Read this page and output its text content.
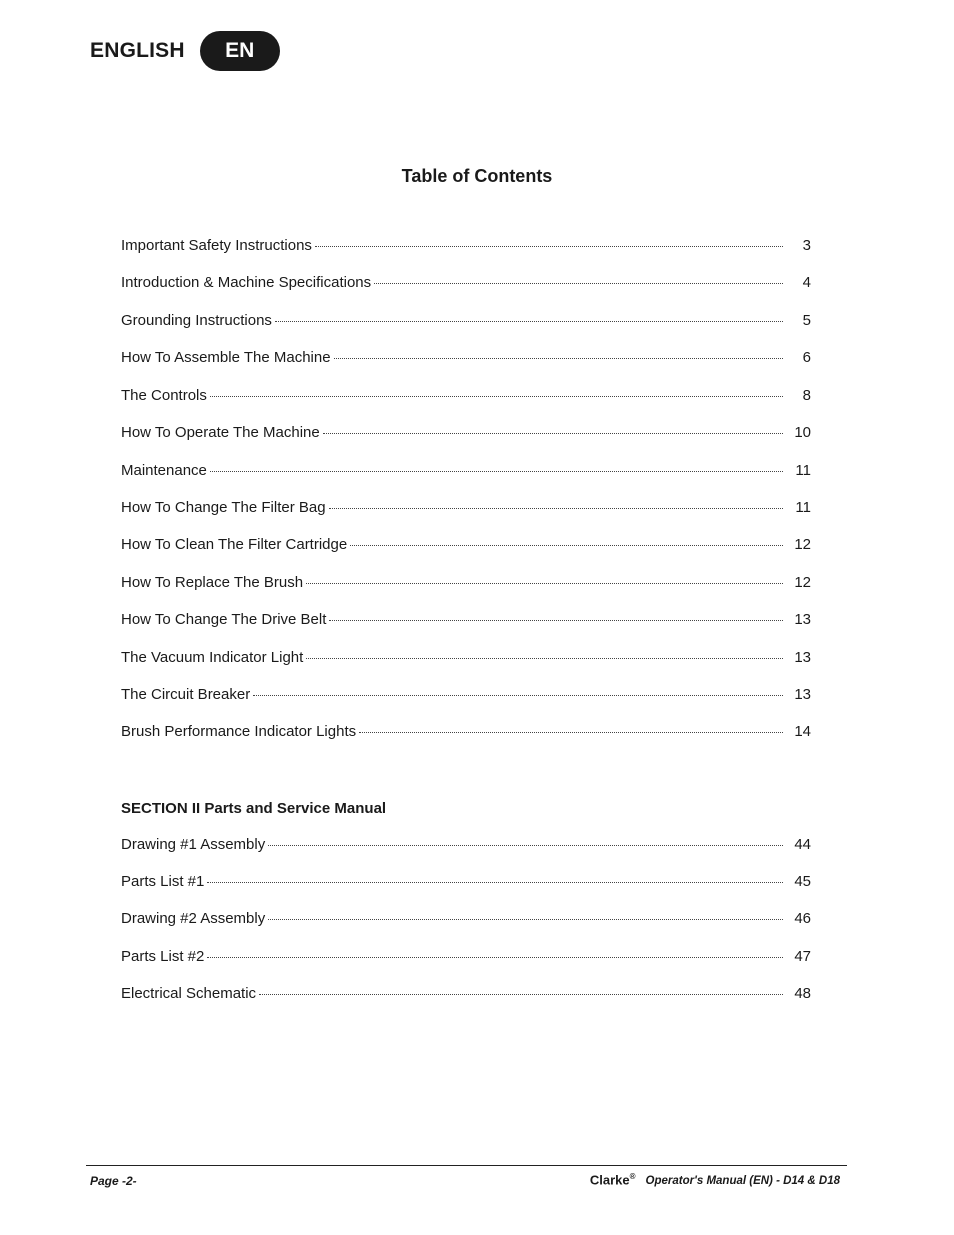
ENGLISH	EN
Table of Contents
Important Safety Instructions	3
Introduction & Machine Specifications	4
Grounding Instructions	5
How To Assemble The Machine	6
The Controls	8
How To Operate The Machine	10
Maintenance	11
How To Change The Filter Bag	11
How To Clean The Filter Cartridge	12
How To Replace The Brush	12
How To Change The Drive Belt	13
The Vacuum Indicator Light	13
The Circuit Breaker	13
Brush Performance Indicator Lights	14
Drawing #1 Assembly	44
Parts List #1	45
Drawing #2 Assembly	46
Parts List #2	47
Electrical Schematic	48
SECTION II Parts and Service Manual
Page -2-	Clarke® Operator's Manual (EN) - D14 & D18
